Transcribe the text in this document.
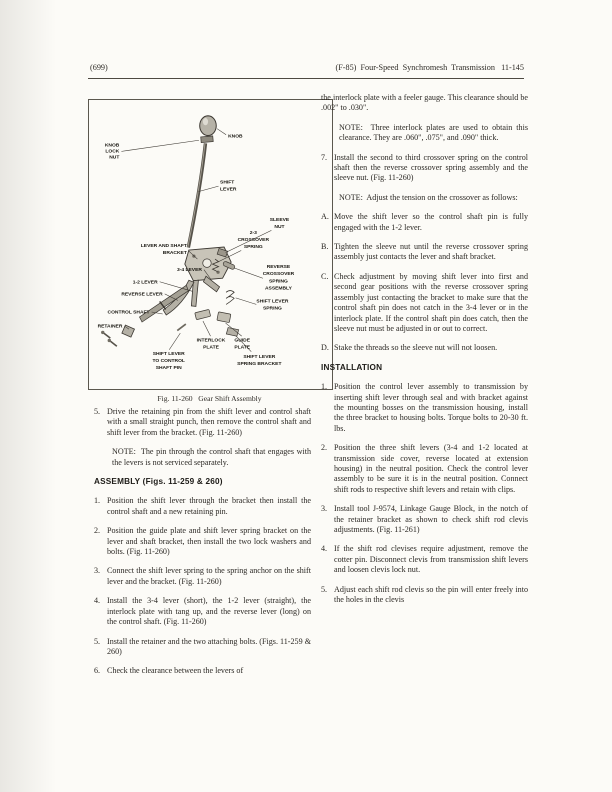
(699)	(F-85)  Four-Speed  Synchromesh  Transmission   11-145
KNOB
KNOB
LOCK
NUT
SHIFT
LEVER
SLEEVE
NUT
2-3
CROSSOVER
SPRING
LEVER AND SHAFT
BRACKET
3-4 LEVER
1-2 LEVER
REVERSE LEVER
CONTROL SHAFT
RETAINER
REVERSE
CROSSOVER
SPRING
ASSEMBLY
SHIFT LEVER
SPRING
INTERLOCK
PLATE
GUIDE
PLATE
SHIFT LEVER
TO CONTROL
SHAFT PIN
SHIFT LEVER
SPRING BRACKET
Fig. 11-260   Gear Shift Assembly
5. Drive the retaining pin from the shift lever and control shaft with a small straight punch, then remove the control shaft and shift lever from the bracket. (Fig. 11-260)

NOTE:  The pin through the control shaft that engages with the levers is not serviced separately.

ASSEMBLY (Figs. 11-259 & 260)
1. Position the shift lever through the bracket then install the control shaft and a new retaining pin.
2. Position the guide plate and shift lever spring bracket on the lever and shaft bracket, then install the two lock washers and bolts. (Fig. 11-260)
3. Connect the shift lever spring to the spring anchor on the shift lever and the bracket. (Fig. 11-260)
4. Install the 3-4 lever (short), the 1-2 lever (straight), the interlock plate with tang up, and the reverse lever (long) on the control shaft. (Fig. 11-260)
5. Install the retainer and the two attaching bolts. (Figs. 11-259 & 260)
6. Check the clearance between the levers of

the interlock plate with a feeler gauge. This clearance should be .002" to .030".

NOTE:  Three interlock plates are used to obtain this clearance. They are .060", .075", and .090" thick.

7. Install the second to third crossover spring on the control shaft then the reverse crossover spring assembly and the sleeve nut. (Fig. 11-260)

NOTE:  Adjust the tension on the crossover as follows:

A. Move the shift lever so the control shaft pin is fully engaged with the 1-2 lever.
B. Tighten the sleeve nut until the reverse crossover spring assembly just contacts the lever and shaft bracket.
C. Check adjustment by moving shift lever into first and second gear positions with the reverse crossover spring assembly just contacting the bracket to make sure that the control shaft pin does not catch in the 3-4 lever or in the interlock plate. If the control shaft pin does catch, then the sleeve nut must be adjusted in or out to correct.
D. Stake the threads so the sleeve nut will not loosen.
INSTALLATION
1. Position the control lever assembly to transmission by inserting shift lever through seal and with bracket against the mounting bosses on the transmission housing, install the three bracket to housing bolts. Torque bolts to 20-30 ft. lbs.
2. Position the three shift levers (3-4 and 1-2 located at transmission side cover, reverse located at extension housing) in the neutral position. Check the control lever assembly to be sure it is in the neutral position. Connect shift rods to respective shift levers and retain with clips.
3. Install tool J-9574, Linkage Gauge Block, in the notch of the retainer bracket as shown to check shift rod clevis adjustments. (Fig. 11-261)
4. If the shift rod clevises require adjustment, remove the cotter pin. Disconnect clevis from transmission shift levers and loosen clevis lock nut.
5. Adjust each shift rod clevis so the pin will enter freely into the holes in the clevis
